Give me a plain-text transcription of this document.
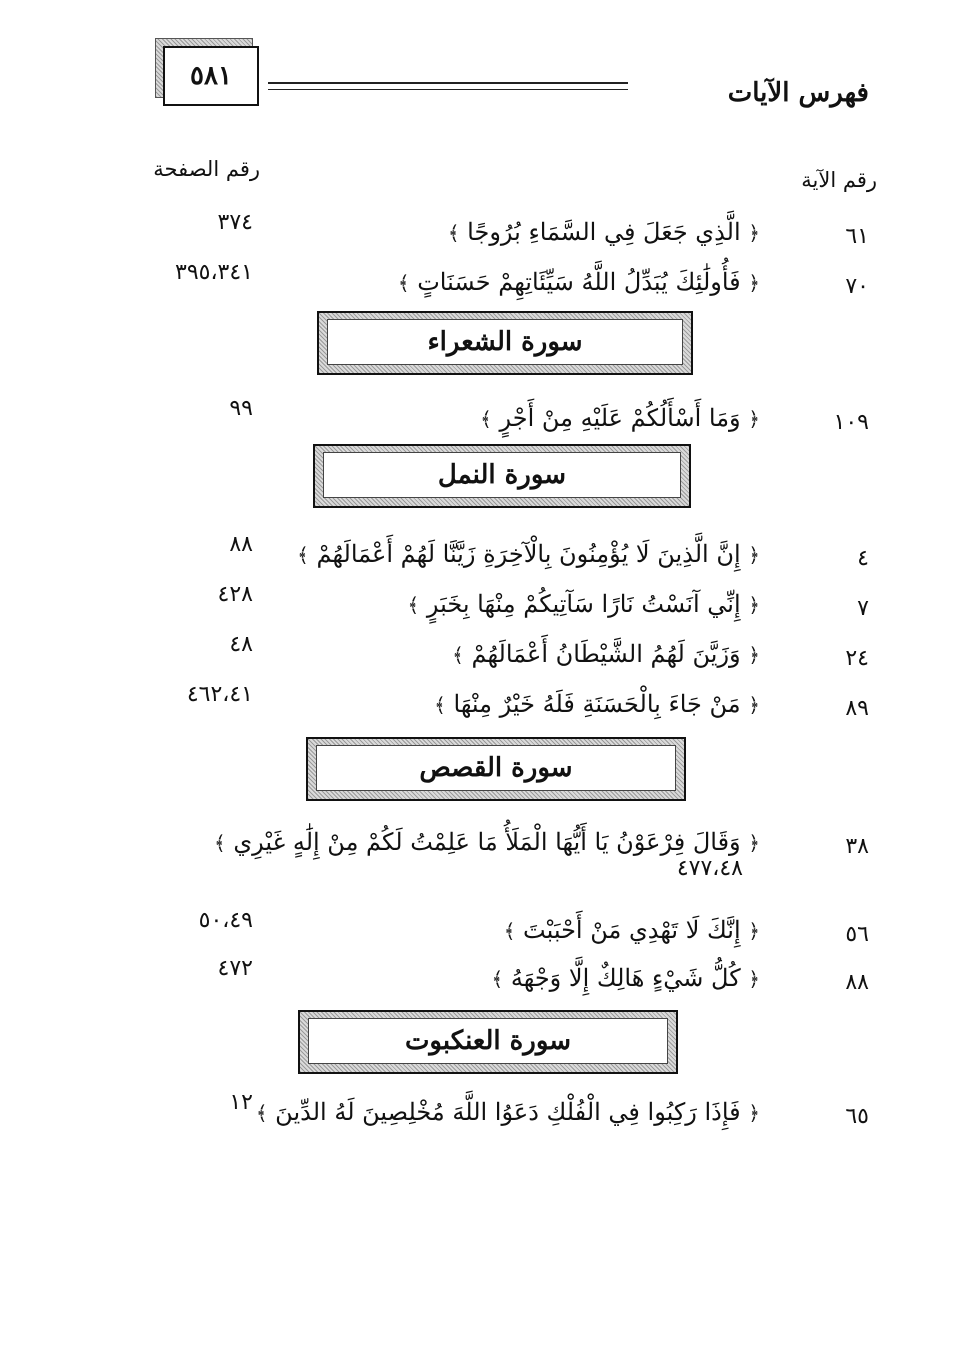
٥٨١
فهرس الآيات
رقم الآية
رقم الصفحة
٦١
﴿ الَّذِي جَعَلَ فِي السَّمَاءِ بُرُوجًا ﴾
٣٧٤
٧٠
﴿ فَأُولَٰئِكَ يُبَدِّلُ اللَّهُ سَيِّئَاتِهِمْ حَسَنَاتٍ ﴾
٣٩٥،٣٤١
سورة الشعراء
١٠٩
﴿ وَمَا أَسْأَلُكُمْ عَلَيْهِ مِنْ أَجْرٍ ﴾
٩٩
سورة النمل
٤
﴿ إِنَّ الَّذِينَ لَا يُؤْمِنُونَ بِالْآخِرَةِ زَيَّنَّا لَهُمْ أَعْمَالَهُمْ ﴾
٨٨
٧
﴿ إِنِّي آنَسْتُ نَارًا سَآتِيكُمْ مِنْهَا بِخَبَرٍ ﴾
٤٢٨
٢٤
﴿ وَزَيَّنَ لَهُمُ الشَّيْطَانُ أَعْمَالَهُمْ ﴾
٤٨
٨٩
﴿ مَنْ جَاءَ بِالْحَسَنَةِ فَلَهُ خَيْرٌ مِنْهَا ﴾
٤٦٢،٤١
سورة القصص
٣٨
﴿ وَقَالَ فِرْعَوْنُ يَا أَيُّهَا الْمَلَأُ مَا عَلِمْتُ لَكُمْ مِنْ إِلَٰهٍ غَيْرِي ﴾
٤٧٧،٤٨
٥٦
﴿ إِنَّكَ لَا تَهْدِي مَنْ أَحْبَبْتَ ﴾
٥٠،٤٩
٨٨
﴿ كُلُّ شَيْءٍ هَالِكٌ إِلَّا وَجْهَهُ ﴾
٤٧٢
سورة العنكبوت
٦٥
﴿ فَإِذَا رَكِبُوا فِي الْفُلْكِ دَعَوُا اللَّهَ مُخْلِصِينَ لَهُ الدِّينَ ﴾
١٢
